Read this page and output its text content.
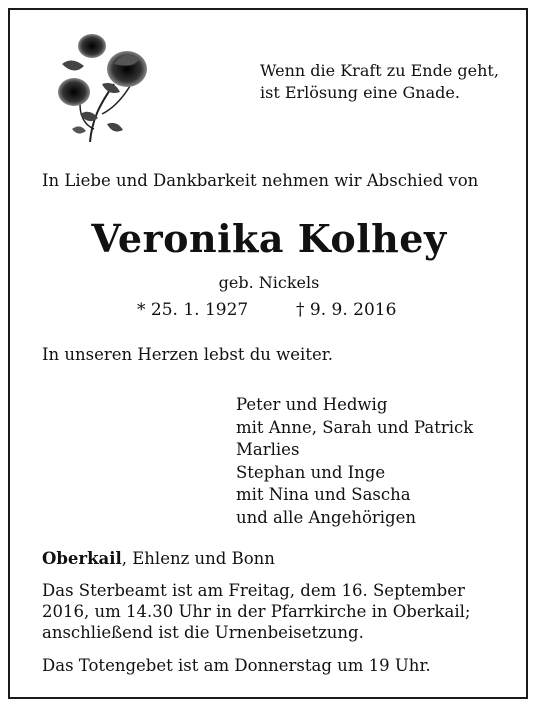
Wenn die Kraft zu Ende geht,
ist Erlösung eine Gnade.
In Liebe und Dankbarkeit nehmen wir Abschied von
Veronika Kolhey
geb. Nickels
* 25. 1. 1927	† 9. 9. 2016
In unseren Herzen lebst du weiter.
Peter und Hedwig
mit Anne, Sarah und Patrick
Marlies
Stephan und Inge
mit Nina und Sascha
und alle Angehörigen
Oberkail, Ehlenz und Bonn
Das Sterbeamt ist am Freitag, dem 16. September
2016, um 14.30 Uhr in der Pfarrkirche in Oberkail;
anschließend ist die Urnenbeisetzung.
Das Totengebet ist am Donnerstag um 19 Uhr.
